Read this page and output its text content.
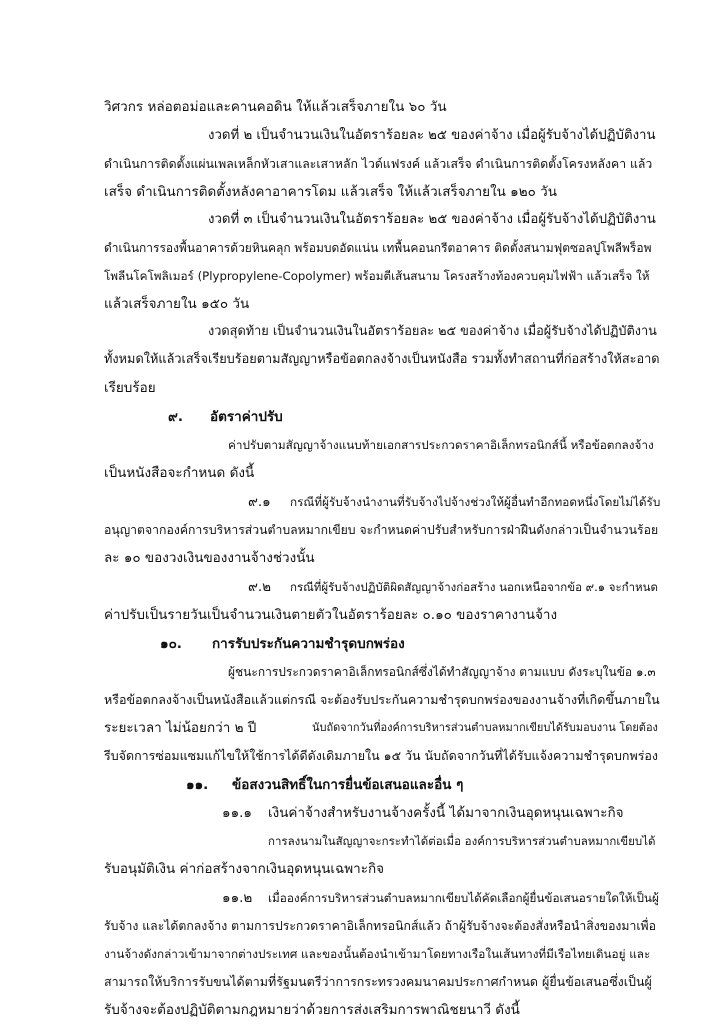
วิศวกร หล่อตอม่อและคานคอดิน ให้แล้วเสร็จภายใน ๖๐ วัน
งวดที่ ๒ เป็นจำนวนเงินในอัตราร้อยละ ๒๕ ของค่าจ้าง เมื่อผู้รับจ้างได้ปฏิบัติงาน
ดำเนินการติดตั้งแผ่นเพลเหล็กหัวเสาและเสาหลัก ไวด์แฟรงค์ แล้วเสร็จ ดำเนินการติดตั้งโครงหลังคา แล้ว
เสร็จ ดำเนินการติดตั้งหลังคาอาคารโดม แล้วเสร็จ ให้แล้วเสร็จภายใน ๑๒๐ วัน
งวดที่ ๓ เป็นจำนวนเงินในอัตราร้อยละ ๒๕ ของค่าจ้าง เมื่อผู้รับจ้างได้ปฏิบัติงาน
ดำเนินการรองพื้นอาคารด้วยหินคลุก พร้อมบดอัดแน่น เทพื้นคอนกรีตอาคาร ติดตั้งสนามฟุตซอลปูโพลีพร็อพ
โพลีนโคโพลิเมอร์ (Plypropylene-Copolymer) พร้อมตีเส้นสนาม โครงสร้างท้องควบคุมไฟฟ้า แล้วเสร็จ ให้
แล้วเสร็จภายใน ๑๕๐ วัน
งวดสุดท้าย เป็นจำนวนเงินในอัตราร้อยละ ๒๕ ของค่าจ้าง เมื่อผู้รับจ้างได้ปฏิบัติงาน
ทั้งหมดให้แล้วเสร็จเรียบร้อยตามสัญญาหรือข้อตกลงจ้างเป็นหนังสือ รวมทั้งทำสถานที่ก่อสร้างให้สะอาด
เรียบร้อย
๙. อัตราค่าปรับ
ค่าปรับตามสัญญาจ้างแนบท้ายเอกสารประกวดราคาอิเล็กทรอนิกส์นี้ หรือข้อตกลงจ้าง
เป็นหนังสือจะกำหนด ดังนี้
๙.๑ กรณีที่ผู้รับจ้างนำงานที่รับจ้างไปจ้างช่วงให้ผู้อื่นทำอีกทอดหนึ่งโดยไม่ได้รับ
อนุญาตจากองค์การบริหารส่วนตำบลหมากเขียบ จะกำหนดค่าปรับสำหรับการฝ่าฝืนดังกล่าวเป็นจำนวนร้อย
ละ ๑๐ ของวงเงินของงานจ้างช่วงนั้น
๙.๒ กรณีที่ผู้รับจ้างปฏิบัติผิดสัญญาจ้างก่อสร้าง นอกเหนือจากข้อ ๙.๑ จะกำหนด
ค่าปรับเป็นรายวันเป็นจำนวนเงินตายตัวในอัตราร้อยละ ๐.๑๐ ของราคางานจ้าง
๑๐. การรับประกันความชำรุดบกพร่อง
ผู้ชนะการประกวดราคาอิเล็กทรอนิกส์ซึ่งได้ทำสัญญาจ้าง ตามแบบ ดังระบุในข้อ ๑.๓
หรือข้อตกลงจ้างเป็นหนังสือแล้วแต่กรณี จะต้องรับประกันความชำรุดบกพร่องของงานจ้างที่เกิดขึ้นภายใน
ระยะเวลา ไม่น้อยกว่า ๒ ปี	นับถัดจากวันที่องค์การบริหารส่วนตำบลหมากเขียบได้รับมอบงาน โดยต้อง
รีบจัดการซ่อมแซมแก้ไขให้ใช้การได้ดีดังเดิมภายใน ๑๕ วัน นับถัดจากวันที่ได้รับแจ้งความชำรุดบกพร่อง
๑๑. ข้อสงวนสิทธิ์ในการยื่นข้อเสนอและอื่น ๆ
๑๑.๑ เงินค่าจ้างสำหรับงานจ้างครั้งนี้ ได้มาจากเงินอุดหนุนเฉพาะกิจ
การลงนามในสัญญาจะกระทำได้ต่อเมื่อ องค์การบริหารส่วนตำบลหมากเขียบได้
รับอนุมัติเงิน ค่าก่อสร้างจากเงินอุดหนุนเฉพาะกิจ
๑๑.๒ เมื่อองค์การบริหารส่วนตำบลหมากเขียบได้คัดเลือกผู้ยื่นข้อเสนอรายใดให้เป็นผู้
รับจ้าง และได้ตกลงจ้าง ตามการประกวดราคาอิเล็กทรอนิกส์แล้ว ถ้าผู้รับจ้างจะต้องสั่งหรือนำสิ่งของมาเพื่อ
งานจ้างดังกล่าวเข้ามาจากต่างประเทศ และของนั้นต้องนำเข้ามาโดยทางเรือในเส้นทางที่มีเรือไทยเดินอยู่ และ
สามารถให้บริการรับขนได้ตามที่รัฐมนตรีว่าการกระทรวงคมนาคมประกาศกำหนด ผู้ยื่นข้อเสนอซึ่งเป็นผู้
รับจ้างจะต้องปฏิบัติตามกฎหมายว่าด้วยการส่งเสริมการพาณิชยนาวี ดังนี้
